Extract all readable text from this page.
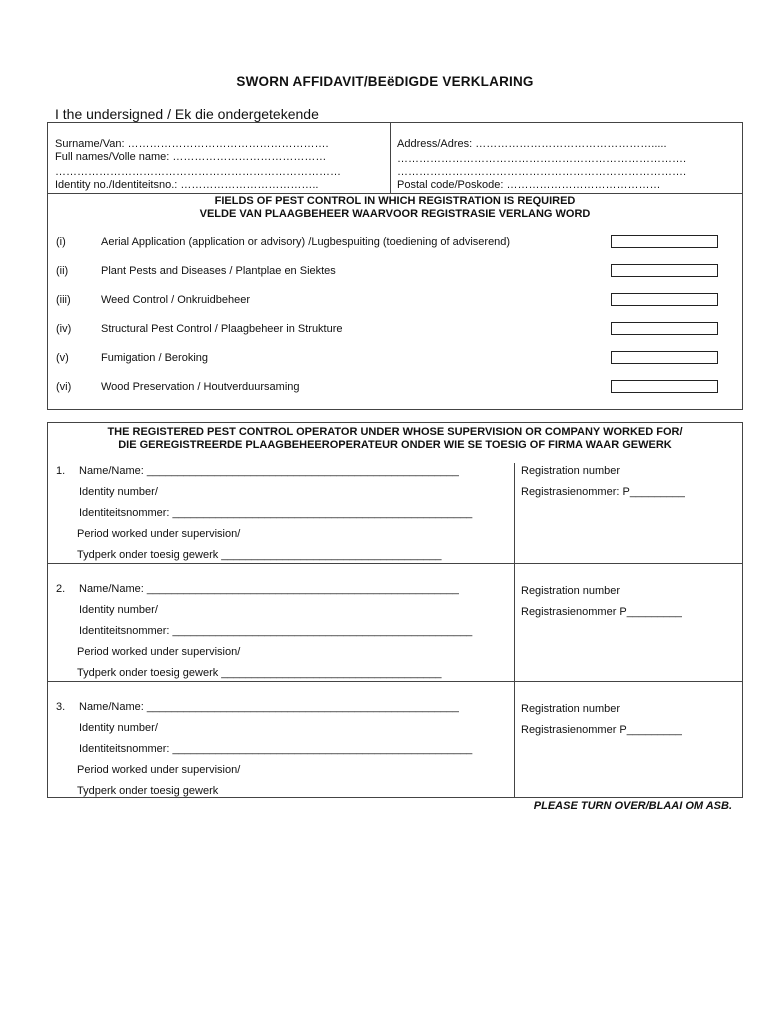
SWORN AFFIDAVIT/BEëDIGDE VERKLARING
I the undersigned / Ek die ondergetekende
Surname/Van: ……………………………………………….
Full names/Volle name: ……………………………………
……………………………………………………………………
Identity no./Identiteitsno.: ………………………………..
Address/Adres: ………………………………………….....
…………………………………………………………………….
…………………………………………………………………….
Postal code/Poskode: ……………………………………
FIELDS OF PEST CONTROL IN WHICH REGISTRATION IS REQUIRED
VELDE VAN PLAAGBEHEER WAARVOOR REGISTRASIE VERLANG WORD
(i)	Aerial Application (application or advisory) /Lugbespuiting (toediening of adviserend)
(ii)	Plant Pests and Diseases / Plantplae en Siektes
(iii)	Weed Control / Onkruidbeheer
(iv)	Structural Pest Control / Plaagbeheer in Strukture
(v)	Fumigation / Beroking
(vi)	Wood Preservation / Houtverduursaming
THE REGISTERED PEST CONTROL OPERATOR UNDER WHOSE SUPERVISION OR COMPANY WORKED FOR/
DIE GEREGISTREERDE PLAAGBEHEEROPERATEUR ONDER WIE SE TOESIG OF FIRMA WAAR GEWERK
1. Name/Name: ___________________________________________________
Identity number/
Identiteitsnommer: _________________________________________________
Period worked under supervision/
Tydperk onder toesig gewerk ____________________________________
Registration number
Registrasienommer: P_________
2. Name/Name: ___________________________________________________
Identity number/
Identiteitsnommer: _________________________________________________
Period worked under supervision/
Tydperk onder toesig gewerk ____________________________________
Registration number
Registrasienommer P_________
3. Name/Name: ___________________________________________________
Identity number/
Identiteitsnommer: _________________________________________________
Period worked under supervision/
Tydperk onder toesig gewerk
Registration number
Registrasienommer P_________
PLEASE TURN OVER/BLAAI OM ASB.
